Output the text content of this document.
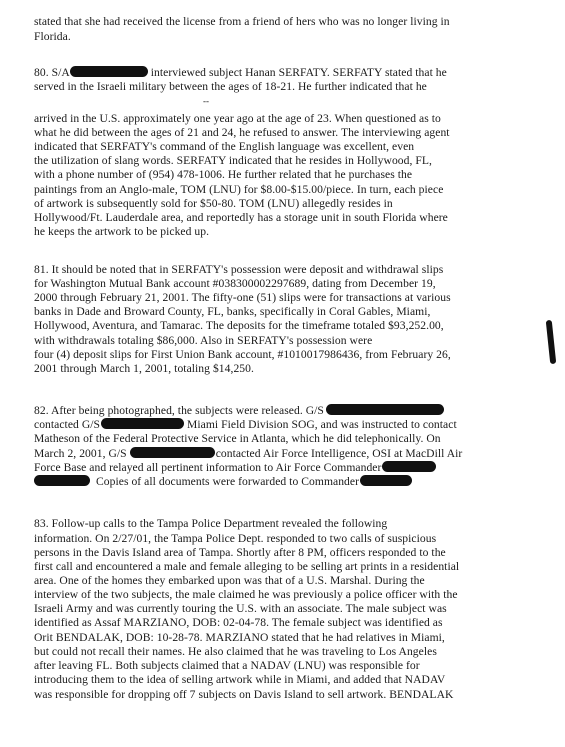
stated that she had received the license from a friend of hers who was no longer living in
Florida.
80. S/A	interviewed subject Hanan SERFATY. SERFATY stated that he
served in the Israeli military between the ages of 18-21. He further indicated that he
--
arrived in the U.S. approximately one year ago at the age of 23. When questioned as to
what he did between the ages of 21 and 24, he refused to answer. The interviewing agent
indicated that SERFATY's command of the English language was excellent, even
the utilization of slang words. SERFATY indicated that he resides in Hollywood, FL,
with a phone number of (954) 478-1006. He further related that he purchases the
paintings from an Anglo-male, TOM (LNU) for $8.00-$15.00/piece. In turn, each piece
of artwork is subsequently sold for $50-80. TOM (LNU) allegedly resides in
Hollywood/Ft. Lauderdale area, and reportedly has a storage unit in south Florida where
he keeps the artwork to be picked up.
81. It should be noted that in SERFATY's possession were deposit and withdrawal slips
for Washington Mutual Bank account #038300002297689, dating from December 19,
2000 through February 21, 2001. The fifty-one (51) slips were for transactions at various
banks in Dade and Broward County, FL, banks, specifically in Coral Gables, Miami,
Hollywood, Aventura, and Tamarac. The deposits for the timeframe totaled $93,252.00,
with withdrawals totaling $86,000. Also in SERFATY's possession were
four (4) deposit slips for First Union Bank account, #1010017986436, from February 26,
2001 through March 1, 2001, totaling $14,250.
82. After being photographed, the subjects were released. G/S
contacted G/S	Miami Field Division SOG, and was instructed to contact
Matheson of the Federal Protective Service in Atlanta, which he did telephonically. On
March 2, 2001, G/S	contacted Air Force Intelligence, OSI at MacDill Air
Force Base and relayed all pertinent information to Air Force Commander
Copies of all documents were forwarded to Commander
83. Follow-up calls to the Tampa Police Department revealed the following
information. On 2/27/01, the Tampa Police Dept. responded to two calls of suspicious
persons in the Davis Island area of Tampa. Shortly after 8 PM, officers responded to the
first call and encountered a male and female alleging to be selling art prints in a residential
area. One of the homes they embarked upon was that of a U.S. Marshal. During the
interview of the two subjects, the male claimed he was previously a police officer with the
Israeli Army and was currently touring the U.S. with an associate. The male subject was
identified as Assaf MARZIANO, DOB: 02-04-78. The female subject was identified as
Orit BENDALAK, DOB: 10-28-78. MARZIANO stated that he had relatives in Miami,
but could not recall their names. He also claimed that he was traveling to Los Angeles
after leaving FL. Both subjects claimed that a NADAV (LNU) was responsible for
introducing them to the idea of selling artwork while in Miami, and added that NADAV
was responsible for dropping off 7 subjects on Davis Island to sell artwork. BENDALAK
